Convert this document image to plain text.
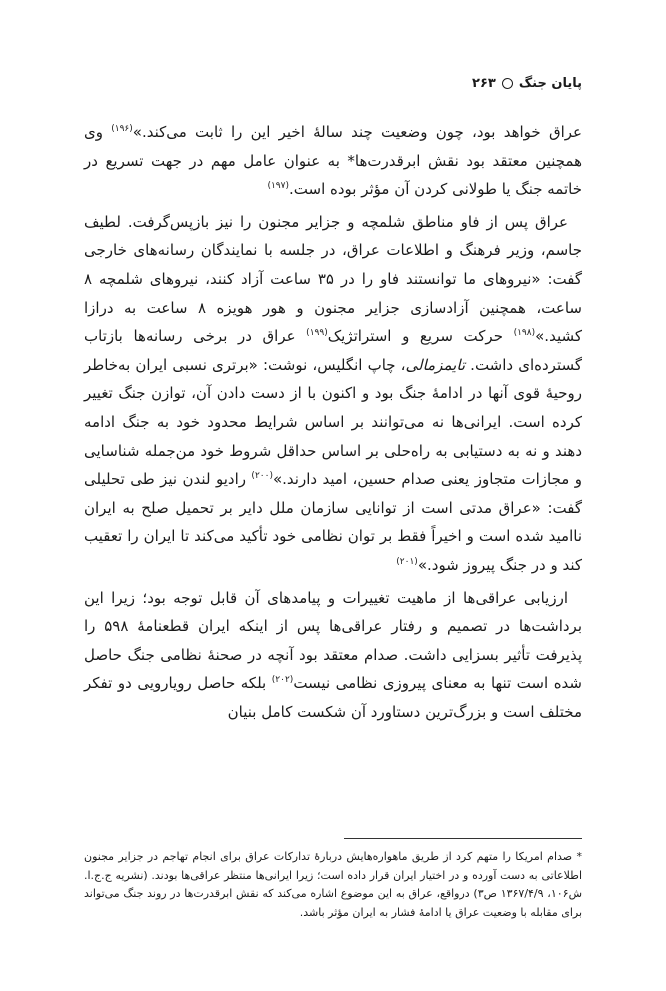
پایان جنگ
۲۶۳

عراق خواهد بود، چون وضعیت چند سالهٔ اخیر این را ثابت می‌کند.»$^{(۱۹۶)}$ وی همچنین معتقد بود نقش ابرقدرت‌ها* به عنوان عامل مهم در جهت تسریع در خاتمه جنگ یا طولانی کردن آن مؤثر بوده است.$^{(۱۹۷)}$

عراق پس از فاو مناطق شلمچه و جزایر مجنون را نیز بازپس‌گرفت. لطیف جاسم، وزیر فرهنگ و اطلاعات عراق، در جلسه با نمایندگان رسانه‌های خارجی گفت: «نیروهای ما توانستند فاو را در ۳۵ ساعت آزاد کنند، نیروهای شلمچه ۸ ساعت، همچنین آزادسازی جزایر مجنون و هور هویزه ۸ ساعت به درازا کشید.»$^{(۱۹۸)}$ حرکت سریع و استراتژیک$^{(۱۹۹)}$ عراق در برخی رسانه‌ها بازتاب گسترده‌ای داشت. تایمزمالی، چاپ انگلیس، نوشت: «برتری نسبی ایران به‌خاطر روحیهٔ قوی آنها در ادامهٔ جنگ بود و اکنون با از دست دادن آن، توازن جنگ تغییر کرده است. ایرانی‌ها نه می‌توانند بر اساس شرایط محدود خود به جنگ ادامه دهند و نه به دستیابی به راه‌حلی بر اساس حداقل شروط خود من‌جمله شناسایی و مجازات متجاوز یعنی صدام حسین، امید دارند.»$^{(۲۰۰)}$ رادیو لندن نیز طی تحلیلی گفت: «عراق مدتی است از توانایی سازمان ملل دایر بر تحمیل صلح به ایران ناامید شده است و اخیراً فقط بر توان نظامی خود تأکید می‌کند تا ایران را تعقیب کند و در جنگ پیروز شود.»$^{(۲۰۱)}$

ارزیابی عراقی‌ها از ماهیت تغییرات و پیامدهای آن قابل توجه بود؛ زیرا این برداشت‌ها در تصمیم و رفتار عراقی‌ها پس از اینکه ایران قطعنامهٔ ۵۹۸ را پذیرفت تأثیر بسزایی داشت. صدام معتقد بود آنچه در صحنهٔ نظامی جنگ حاصل شده است تنها به معنای پیروزی نظامی نیست$^{(۲۰۲)}$ بلکه حاصل رویارویی دو تفکر مختلف است و بزرگ‌ترین دستاورد آن شکست کامل بنیان

* صدام امریکا را متهم کرد از طریق ماهواره‌هایش دربارهٔ تدارکات عراق برای انجام تهاجم در جزایر مجنون اطلاعاتی به دست آورده و در اختیار ایران قرار داده است؛ زیرا ایرانی‌ها منتظر عراقی‌ها بودند. (نشریه ج.ج.ا. ش۱۰۶، ۱۳۶۷/۴/۹ ص۳) درواقع، عراق به این موضوع اشاره می‌کند که نقش ابرقدرت‌ها در روند جنگ می‌تواند برای مقابله با وضعیت عراق یا ادامهٔ فشار به ایران مؤثر باشد.
